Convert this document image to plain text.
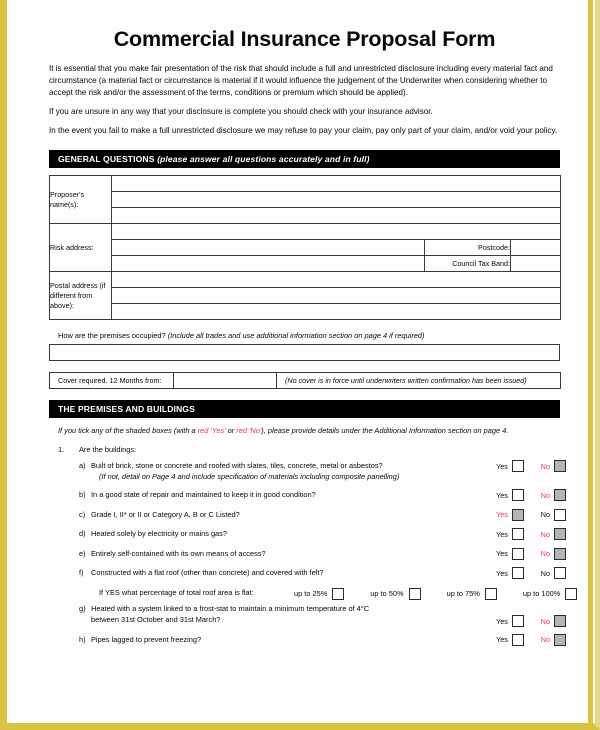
Commercial Insurance Proposal Form

It is essential that you make fair presentation of the risk that should include a full and unrestricted disclosure including every material fact and circumstance (a material fact or circumstance is material if it would influence the judgement of the Underwriter when considering whether to accept the risk and/or the assessment of the terms, conditions or premium which should be applied).

If you are unsure in any way that your disclosure is complete you should check with your insurance advisor.

In the event you fail to make a full unrestricted disclosure we may refuse to pay your claim, pay only part of your claim, and/or void your policy.

GENERAL QUESTIONS (please answer all questions accurately and in full)
Proposer's name(s):			

Risk address:			
		Postcode:	
		Council Tax Band:	
Postal address (if different from above):			

How are the premises occupied? (Include all trades and use additional information section on page 4 if required)
Cover required. 12 Months from:		(No cover is in force until underwriters written confirmation has been issued)
THE PREMISES AND BUILDINGS
If you tick any of the shaded boxes (with a red 'Yes' or red 'No'), please provide details under the Additional Information section on page 4.
1. Are the buildings:
a) Built of brick, stone or concrete and roofed with slates, tiles, concrete, metal or asbestos?
(If not, detail on Page 4 and include specification of materials including composite panelling)
Yes	No
b) In a good state of repair and maintained to keep it in good condition?	Yes	No
c) Grade I, II* or II or Category A, B or C Listed?	Yes	No
d) Heated solely by electricity or mains gas?	Yes	No
e) Entirely self-contained with its own means of access?	Yes	No
f)	Constructed with a flat roof (other than concrete) and covered with felt?	Yes	No
If YES what percentage of total roof area is flat:	up to 25%	up to 50%	up to 75%	up to 100%
g) Heated with a system linked to a frost-stat to maintain a minimum temperature of 4°C
between 31st October and 31st March?	Yes	No
h) Pipes lagged to prevent freezing?	Yes	No
